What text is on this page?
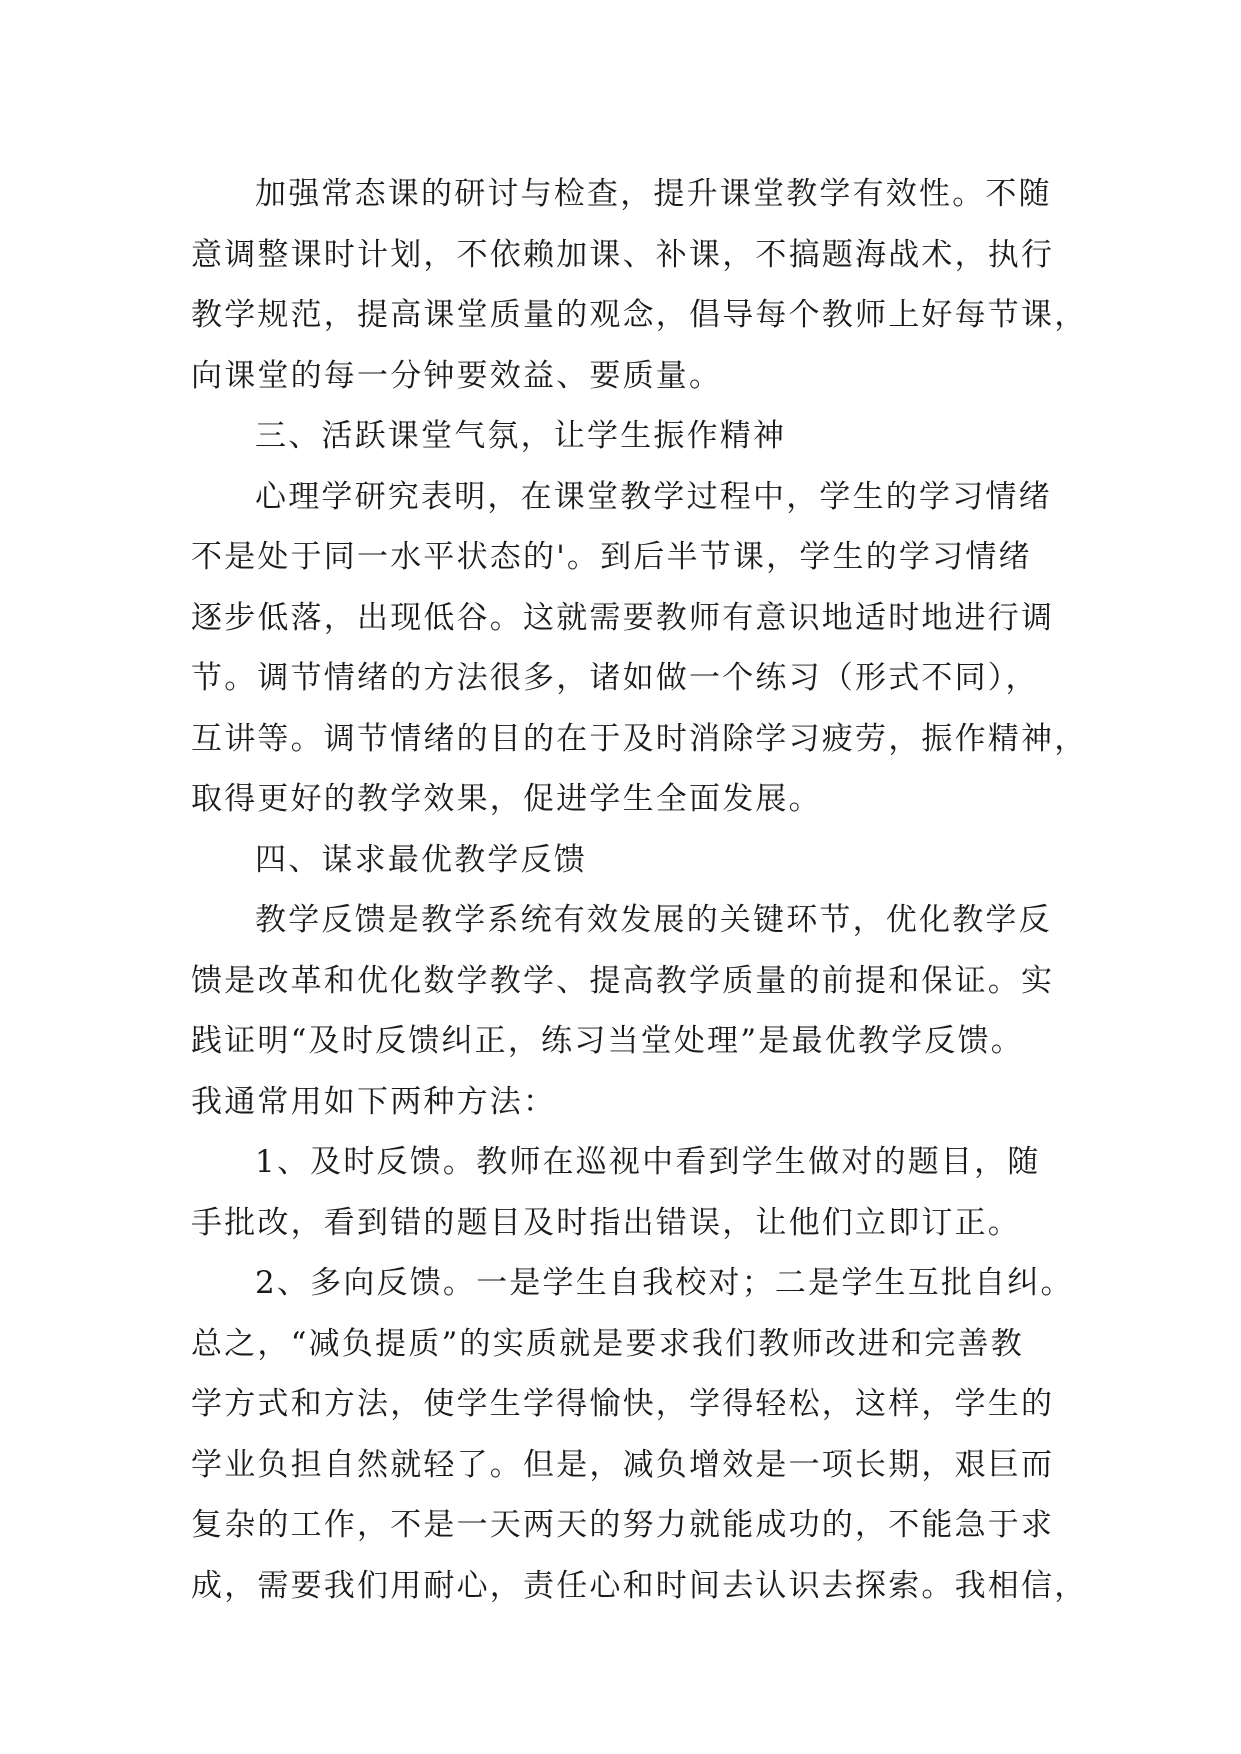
加强常态课的研讨与检查，提升课堂教学有效性。不随
意调整课时计划，不依赖加课、补课，不搞题海战术，执行
教学规范，提高课堂质量的观念，倡导每个教师上好每节课，
向课堂的每一分钟要效益、要质量。
三、活跃课堂气氛，让学生振作精神
心理学研究表明，在课堂教学过程中，学生的学习情绪
不是处于同一水平状态的'。到后半节课，学生的学习情绪
逐步低落，出现低谷。这就需要教师有意识地适时地进行调
节。调节情绪的方法很多，诸如做一个练习（形式不同），
互讲等。调节情绪的目的在于及时消除学习疲劳，振作精神，
取得更好的教学效果，促进学生全面发展。
四、谋求最优教学反馈
教学反馈是教学系统有效发展的关键环节，优化教学反
馈是改革和优化数学教学、提高教学质量的前提和保证。实
践证明“及时反馈纠正，练习当堂处理”是最优教学反馈。
我通常用如下两种方法：
1、及时反馈。教师在巡视中看到学生做对的题目，随
手批改，看到错的题目及时指出错误，让他们立即订正。
2、多向反馈。一是学生自我校对；二是学生互批自纠。
总之，“减负提质”的实质就是要求我们教师改进和完善教
学方式和方法，使学生学得愉快，学得轻松，这样，学生的
学业负担自然就轻了。但是，减负增效是一项长期，艰巨而
复杂的工作，不是一天两天的努力就能成功的，不能急于求
成，需要我们用耐心，责任心和时间去认识去探索。我相信，
